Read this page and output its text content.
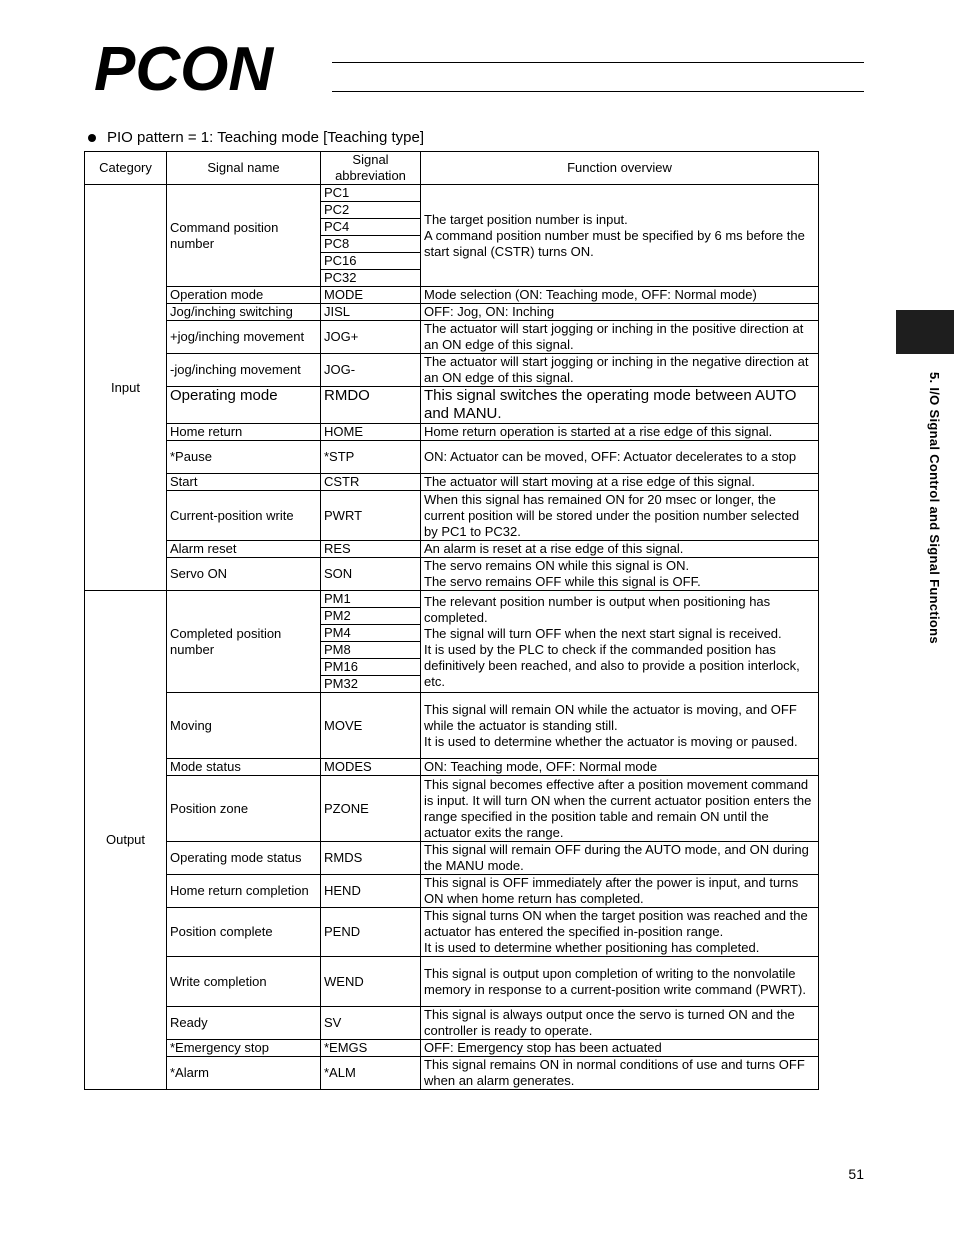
PCON
PIO pattern = 1: Teaching mode [Teaching type]
Category	Signal name	Signal abbreviation	Function overview
Input	Command position number	PC1	The target position number is input.
A command position number must be specified by 6 ms before the start signal (CSTR) turns ON.
		PC2	
		PC4	
		PC8	
		PC16	
		PC32	
	Operation mode	MODE	Mode selection (ON: Teaching mode, OFF: Normal mode)
	Jog/inching switching	JISL	OFF: Jog, ON: Inching
	+jog/inching movement	JOG+	The actuator will start jogging or inching in the positive direction at an ON edge of this signal.
	-jog/inching movement	JOG-	The actuator will start jogging or inching in the negative direction at an ON edge of this signal.
	Operating mode	RMDO	This signal switches the operating mode between AUTO and MANU.
	Home return	HOME	Home return operation is started at a rise edge of this signal.
	*Pause	*STP	ON: Actuator can be moved, OFF: Actuator decelerates to a stop
	Start	CSTR	The actuator will start moving at a rise edge of this signal.
	Current-position write	PWRT	When this signal has remained ON for 20 msec or longer, the current position will be stored under the position number selected by PC1 to PC32.
	Alarm reset	RES	An alarm is reset at a rise edge of this signal.
	Servo ON	SON	The servo remains ON while this signal is ON.
The servo remains OFF while this signal is OFF.
Output	Completed position number	PM1	The relevant position number is output when positioning has completed.
The signal will turn OFF when the next start signal is received.
It is used by the PLC to check if the commanded position has definitively been reached, and also to provide a position interlock, etc.
		PM2	
		PM4	
		PM8	
		PM16	
		PM32	
	Moving	MOVE	This signal will remain ON while the actuator is moving, and OFF while the actuator is standing still.
It is used to determine whether the actuator is moving or paused.
	Mode status	MODES	ON: Teaching mode, OFF: Normal mode
	Position zone	PZONE	This signal becomes effective after a position movement command is input. It will turn ON when the current actuator position enters the range specified in the position table and remain ON until the actuator exits the range.
	Operating mode status	RMDS	This signal will remain OFF during the AUTO mode, and ON during the MANU mode.
	Home return completion	HEND	This signal is OFF immediately after the power is input, and turns ON when home return has completed.
	Position complete	PEND	This signal turns ON when the target position was reached and the actuator has entered the specified in-position range.
It is used to determine whether positioning has completed.
	Write completion	WEND	This signal is output upon completion of writing to the nonvolatile memory in response to a current-position write command (PWRT).
	Ready	SV	This signal is always output once the servo is turned ON and the controller is ready to operate.
	*Emergency stop	*EMGS	OFF: Emergency stop has been actuated
	*Alarm	*ALM	This signal remains ON in normal conditions of use and turns OFF when an alarm generates.
5. I/O Signal Control and Signal Functions
51
